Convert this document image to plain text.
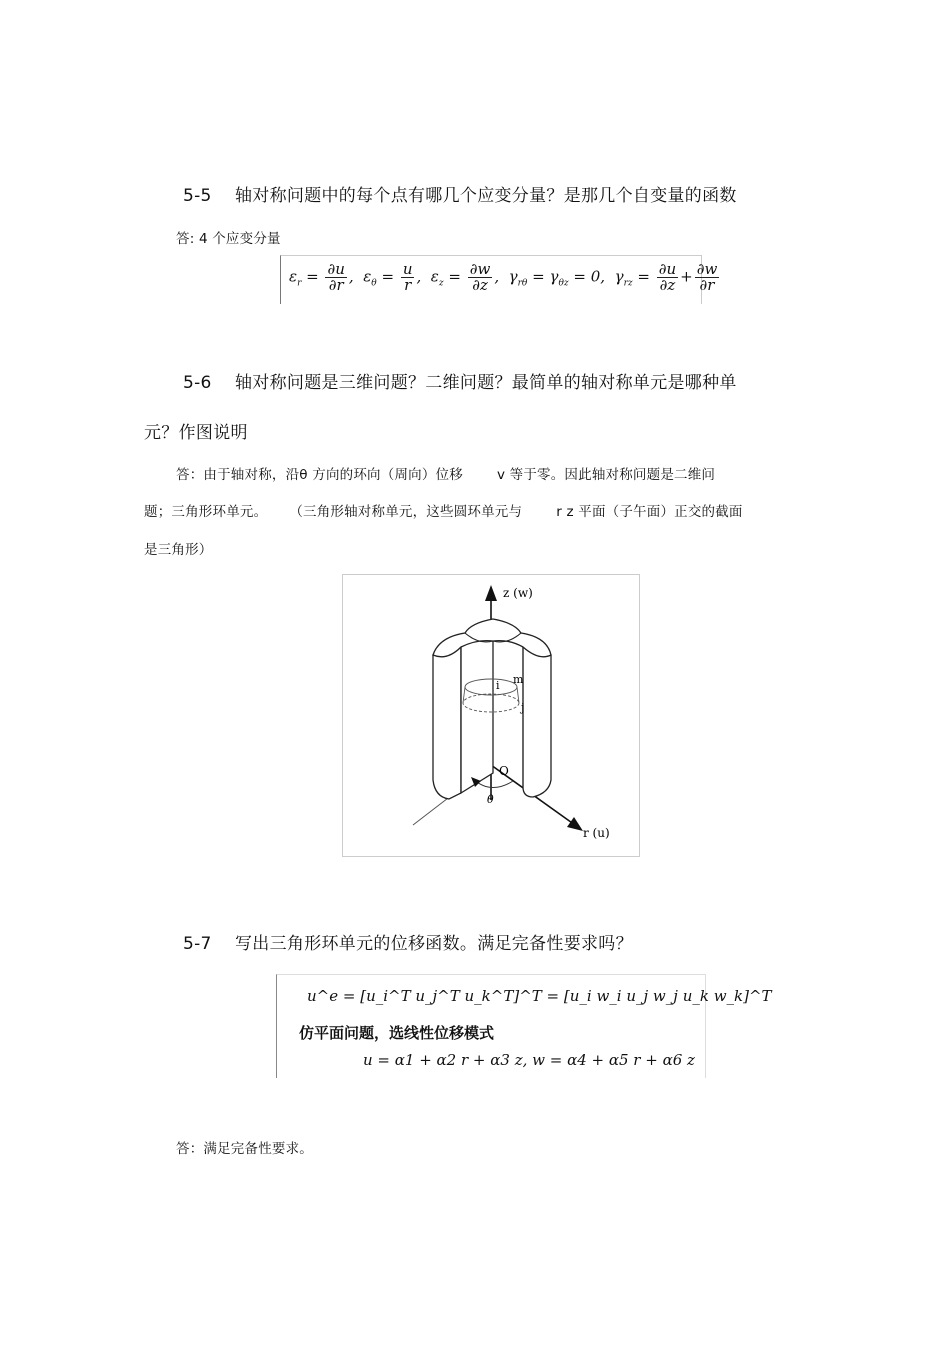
5-5 轴对称问题中的每个点有哪几个应变分量？是那几个自变量的函数
答: 4 个应变分量
$\varepsilon_r = \frac{\partial u}{\partial r}$ ,  $\varepsilon_\theta = \frac{u}{r}$ ,  $\varepsilon_z = \frac{\partial w}{\partial z}$ ,  $\gamma_{r\theta} = \gamma_{\theta z} = 0$,  $\gamma_{rz} = \frac{\partial u}{\partial z} + \frac{\partial w}{\partial r}$
5-6 轴对称问题是三维问题？二维问题？最简单的轴对称单元是哪种单
元？作图说明
答：由于轴对称，沿θ 方向的环向（周向）位移	v 等于零。因此轴对称问题是二维问
题；三角形环单元。 （三角形轴对称单元，这些圆环单元与	r z 平面（子午面）正交的截面
是三角形）
z (w)
r (u)
O
θ
i m
j
5-7 写出三角形环单元的位移函数。满足完备性要求吗？
u^e = [u_i^T u_j^T u_k^T]^T = [u_i w_i u_j w_j u_k w_k]^T
仿平面问题，选线性位移模式
u = α1 + α2 r + α3 z, w = α4 + α5 r + α6 z
答：满足完备性要求。
